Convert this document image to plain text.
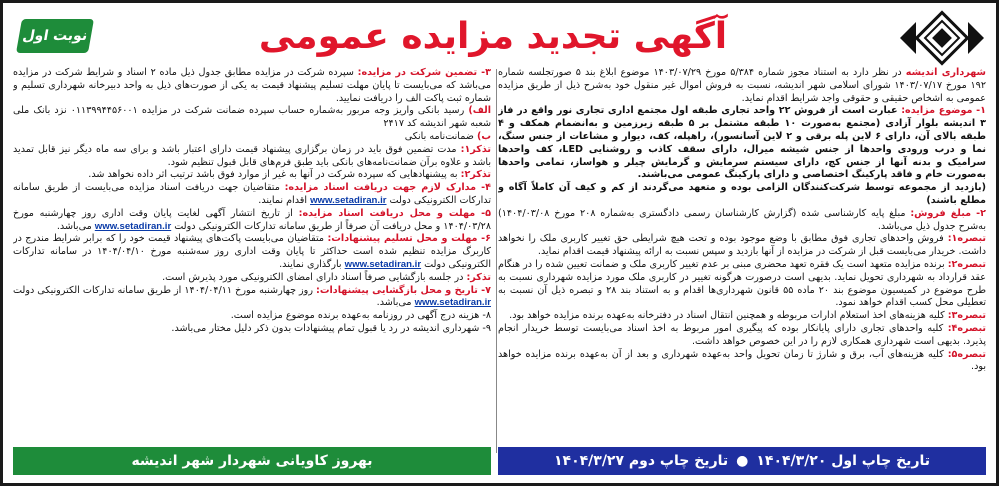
نوبت اول	آگهی تجدید مزایده عمومی

شهرداری اندیشه در نظر دارد به استناد مجوز شماره ۵/۳۸۴ مورخ ۱۴۰۳/۰۷/۲۹ موضوع ابلاغ بند ۵ صورتجلسه شماره ۱۹۲ مورخ ۱۴۰۳/۰۷/۱۷ شورای اسلامی شهر اندیشه، نسبت به فروش اموال غیر منقول خود به‌شرح ذیل از طریق مزایده عمومی به اشخاص حقیقی و حقوقی واجد شرایط اقدام نماید.

۱- موضوع مزایده: عبارت است از فروش ۲۲ واحد تجاری طبقه اول مجتمع اداری تجاری نور واقع در فاز ۳ اندیشه بلوار آزادی (مجتمع به‌صورت ۱۰ طبقه مشتمل بر ۵ طبقه زیرزمین و به‌انضمام همکف و ۴ طبقه بالای آن، دارای ۶ لاین پله برقی و ۲ لاین آسانسور)، راهپله، کف، دیوار و مشاعات از جنس سنگ، نما و درب ورودی واحدها از جنس شیشه میرال، دارای سقف کاذب و روشنایی LED، کف واحدها سرامیک و بدنه آنها از جنس کچ، دارای سیستم سرمایش و گرمایش چیلر و هواساز، تمامی واحدها به‌صورت خام و فاقد پارکینگ اختصاصی و دارای پارکینگ عمومی می‌باشند.

(بازدید از مجموعه توسط شرکت‌کنندگان الزامی بوده و متعهد می‌گردند از کم و کیف آن کاملاً آگاه و مطلع باشند)

۲- مبلغ فروش: مبلغ پایه کارشناسی شده (گزارش کارشناسان رسمی دادگستری به‌شماره ۲۰۸ مورخ ۱۴۰۴/۰۳/۰۸) به‌شرح جدول ذیل می‌باشد.

تبصره۱: فروش واحدهای تجاری فوق مطابق با وضع موجود بوده و تحت هیچ شرایطی حق تغییر کاربری ملک را نخواهد داشت. خریدار می‌بایست قبل از شرکت در مزایده از آنها بازدید و سپس نسبت به ارائه پیشنهاد قیمت اقدام نماید.

تبصره۲: برنده مزایده متعهد است یک فقره تعهد محضری مبنی بر عدم تغییر کاربری ملک و ضمانت تعیین شده را در هنگام عقد قرارداد به شهرداری تحویل نماید. بدیهی است درصورت هرگونه تغییر در کاربری ملک مورد مزایده شهرداری نسبت به طرح موضوع در کمیسیون موضوع بند ۲۰ ماده ۵۵ قانون شهرداری‌ها اقدام و به استناد بند ۲۸ و تبصره ذیل آن نسبت به تعطیلی محل کسب اقدام خواهد نمود.

تبصره۳: کلیه هزینه‌های اخذ استعلام ادارات مربوطه و همچنین انتقال اسناد در دفترخانه به‌عهده برنده مزایده خواهد بود.

تبصره۴: کلیه واحدهای تجاری دارای پایانکار بوده که پیگیری امور مربوط به اخذ اسناد می‌بایست توسط خریدار انجام پذیرد. بدیهی است شهرداری همکاری لازم را در این خصوص خواهد داشت.

تبصره۵: کلیه هزینه‌های آب، برق و شارژ تا زمان تحویل واحد به‌عهده شهرداری و بعد از آن به‌عهده برنده مزایده خواهد بود.

۳- تضمین شرکت در مزایده: سپرده شرکت در مزایده مطابق جدول ذیل ماده ۲ اسناد و شرایط شرکت در مزایده می‌باشد که می‌بایست تا پایان مهلت تسلیم پیشنهاد قیمت به یکی از صورت‌های ذیل به واحد دبیرخانه شهرداری تسلیم و شماره ثبت پاکت الف را دریافت نمایید.

الف) رسید بانکی واریز وجه مربور به‌شماره حساب سپرده ضمانت شرکت در مزایده ۰۱۱۳۹۹۴۴۵۶۰۰۱ نزد بانک ملی شعبه شهر اندیشه کد ۲۴۱۷

ب) ضمانت‌نامه بانکی

تذکر۱: مدت تضمین فوق باید در زمان برگزاری پیشنهاد قیمت دارای اعتبار باشد و برای سه ماه دیگر نیز قابل تمدید باشد و علاوه برآن ضمانت‌نامه‌های بانکی باید طبق فرم‌های قابل قبول تنظیم شود.

تذکر۲: به پیشنهادهایی که سپرده شرکت در آنها به غیر از موارد فوق باشد ترتیب اثر داده نخواهد شد.

۴- مدارک لازم جهت دریافت اسناد مزایده: متقاضیان جهت دریافت اسناد مزایده می‌بایست از طریق سامانه تدارکات الکترونیکی دولت www.setadiran.ir اقدام نمایند.

۵- مهلت و محل دریافت اسناد مزایده: از تاریخ انتشار آگهی لغایت پایان وقت اداری روز چهارشنبه مورخ ۱۴۰۴/۰۳/۲۸ و محل دریافت آن صرفاً از طریق سامانه تدارکات الکترونیکی دولت www.setadiran.ir می‌باشد.

۶- مهلت و محل تسلیم پیشنهادات: متقاضیان می‌بایست پاکت‌های پیشنهاد قیمت خود را که برابر شرایط مندرج در کاربرگ مزایده تنظیم شده است حداکثر تا پایان وقت اداری روز سه‌شنبه مورخ ۱۴۰۴/۰۴/۱۰ در سامانه تدارکات الکترونیکی دولت www.setadiran.ir بارگذاری نمایند.

تذکر: در جلسه بازگشایی صرفاً اسناد دارای امضای الکترونیکی مورد پذیرش است.

۷- تاریخ و محل بازگشایی پیشنهادات: روز چهارشنبه مورخ ۱۴۰۴/۰۴/۱۱ از طریق سامانه تدارکات الکترونیکی دولت www.setadiran.ir می‌باشد.

۸- هزینه درج آگهی در روزنامه به‌عهده برنده موضوع مزایده است.

۹- شهرداری اندیشه در رد یا قبول تمام پیشنهادات بدون ذکر دلیل مختار می‌باشد.

تاریخ چاپ اول ۱۴۰۴/۳/۲۰●تاریخ چاپ دوم ۱۴۰۴/۳/۲۷
بهروز کاویانی شهردار شهر اندیشه
